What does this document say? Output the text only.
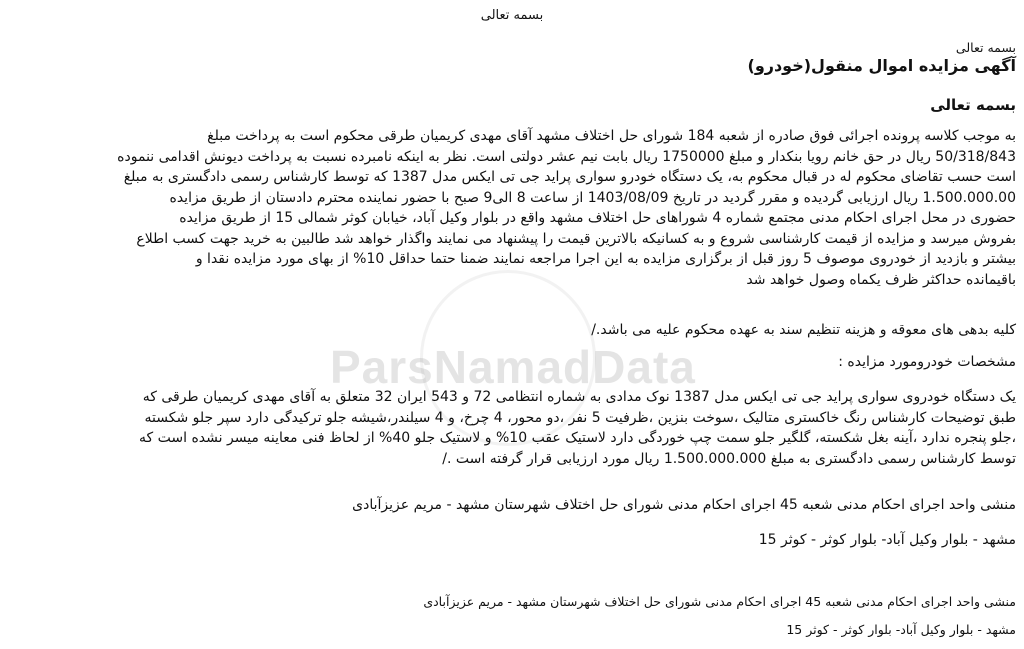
بسمه تعالی
ParsNamadData
بسمه تعالی
آگهی مزایده اموال منقول(خودرو)
بسمه تعالی
به موجب کلاسه پرونده اجرائی فوق صادره از شعبه 184 شورای حل اختلاف مشهد آقای مهدی کریمیان طرقی محکوم است به پرداخت مبلغ
50/318/843 ریال در حق خانم رویا بنکدار و مبلغ 1750000 ریال بابت نیم عشر دولتی است. نظر به اینکه نامبرده نسبت به پرداخت دیونش اقدامی ننموده
است حسب تقاضای محکوم له در قبال محکوم به، یک دستگاه خودرو سواری پراید جی تی ایکس مدل 1387 که توسط کارشناس رسمی دادگستری به مبلغ
1.500.000.00 ریال ارزیابی گردیده و مقرر گردید در تاریخ 1403/08/09 از ساعت 8 الی9 صبح با حضور نماینده محترم دادستان از طریق مزایده
حضوری در محل اجرای احکام مدنی مجتمع شماره 4 شوراهای حل اختلاف مشهد واقع در بلوار وکیل آباد، خیابان کوثر شمالی 15 از طریق مزایده
بفروش میرسد و مزایده از قیمت کارشناسی شروع و به کسانیکه بالاترین قیمت را پیشنهاد می نمایند واگذار خواهد شد طالبین به خرید جهت کسب اطلاع
بیشتر و بازدید از خودروی موصوف 5 روز قبل از برگزاری مزایده به این اجرا مراجعه نمایند ضمنا حتما حداقل 10% از بهای مورد مزایده نقدا و
باقیمانده حداکثر ظرف یکماه وصول خواهد شد
کلیه بدهی های معوقه و هزینه تنظیم سند به عهده محکوم علیه می باشد./
مشخصات خودرومورد مزایده :
یک دستگاه خودروی سواری پراید جی تی ایکس مدل 1387 نوک مدادی به شماره انتظامی 72 و 543 ایران 32 متعلق به آقای مهدی کریمیان طرقی که
طبق توضیحات کارشناس رنگ خاکستری متالیک ،سوخت بنزین ،ظرفیت 5 نفر ،دو محور، 4 چرخ، و 4 سیلندر،شیشه جلو ترکیدگی دارد سپر جلو شکسته
،جلو پنجره ندارد ،آینه بغل شکسته، گلگیر جلو سمت چپ خوردگی دارد لاستیک عقب 10% و لاستیک جلو 40% از لحاظ فنی معاینه میسر نشده است که
توسط کارشناس رسمی دادگستری به مبلغ 1.500.000.000 ریال مورد ارزیابی قرار گرفته است ./
منشی واحد اجرای احکام مدنی شعبه 45 اجرای احکام مدنی شورای حل اختلاف شهرستان مشهد - مریم عزیزآبادی
مشهد - بلوار وکیل آباد- بلوار کوثر - کوثر 15
منشی واحد اجرای احکام مدنی شعبه 45 اجرای احکام مدنی شورای حل اختلاف شهرستان مشهد - مریم عزیزآبادی
مشهد - بلوار وکیل آباد- بلوار کوثر - کوثر 15
